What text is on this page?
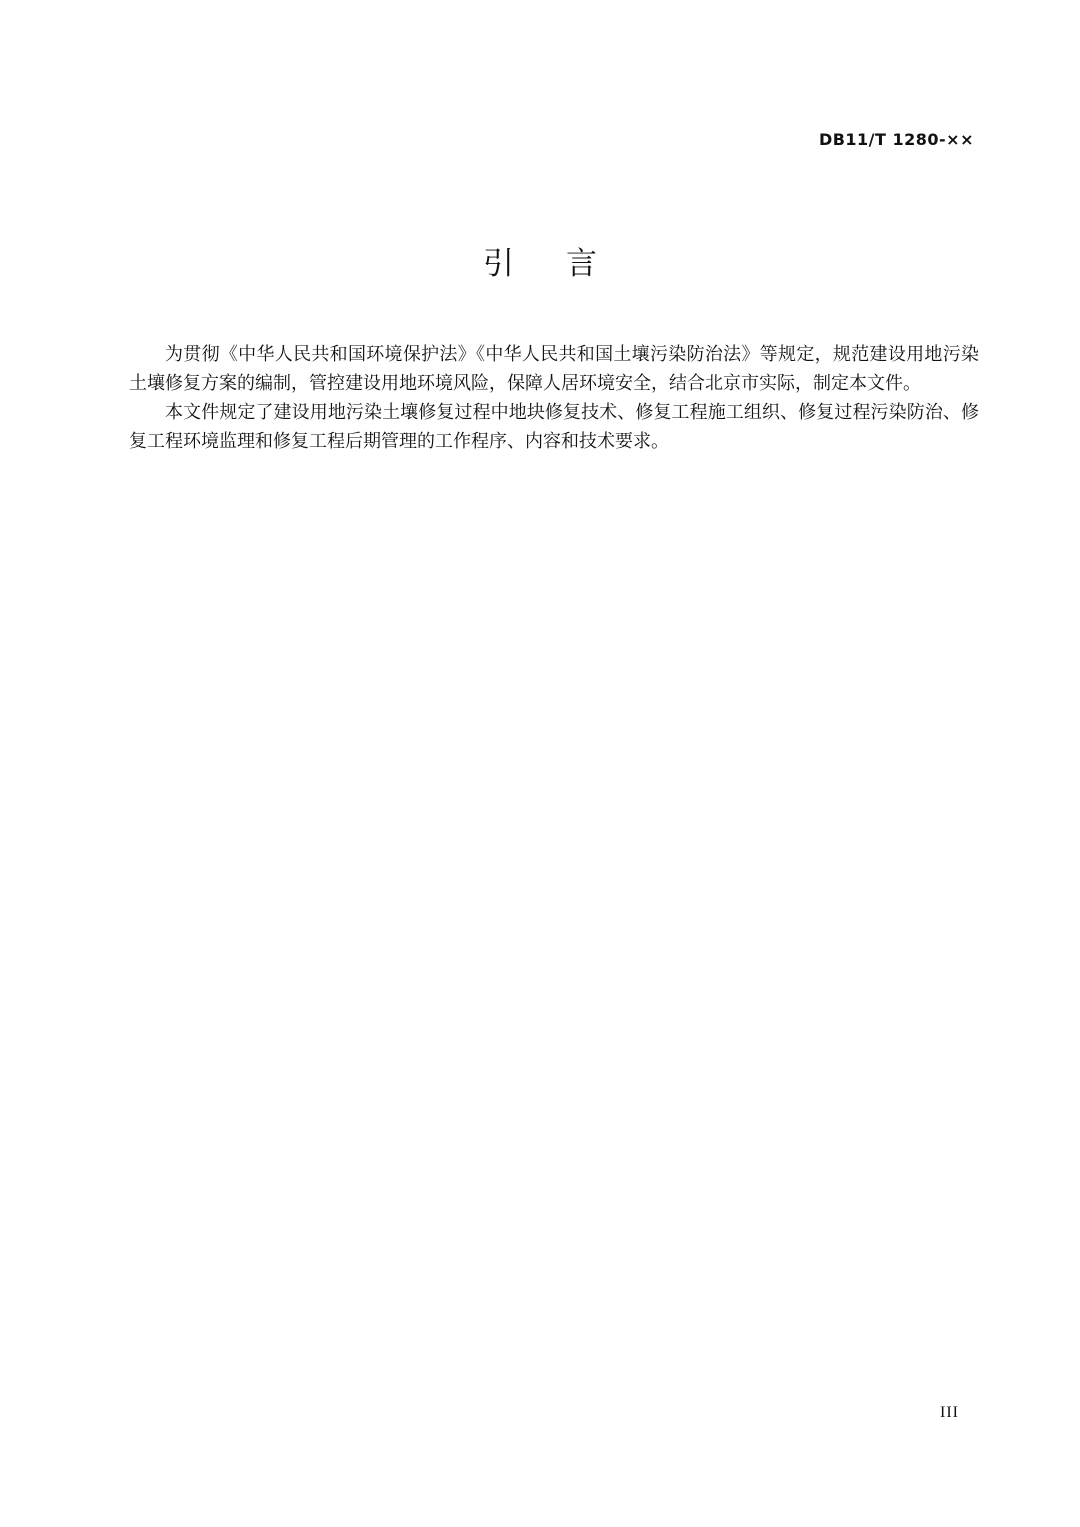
DB11/T 1280-××
引言

为贯彻《中华人民共和国环境保护法》《中华人民共和国土壤污染防治法》等规定，规范建设用地污染土壤修复方案的编制，管控建设用地环境风险，保障人居环境安全，结合北京市实际，制定本文件。

本文件规定了建设用地污染土壤修复过程中地块修复技术、修复工程施工组织、修复过程污染防治、修复工程环境监理和修复工程后期管理的工作程序、内容和技术要求。

III
